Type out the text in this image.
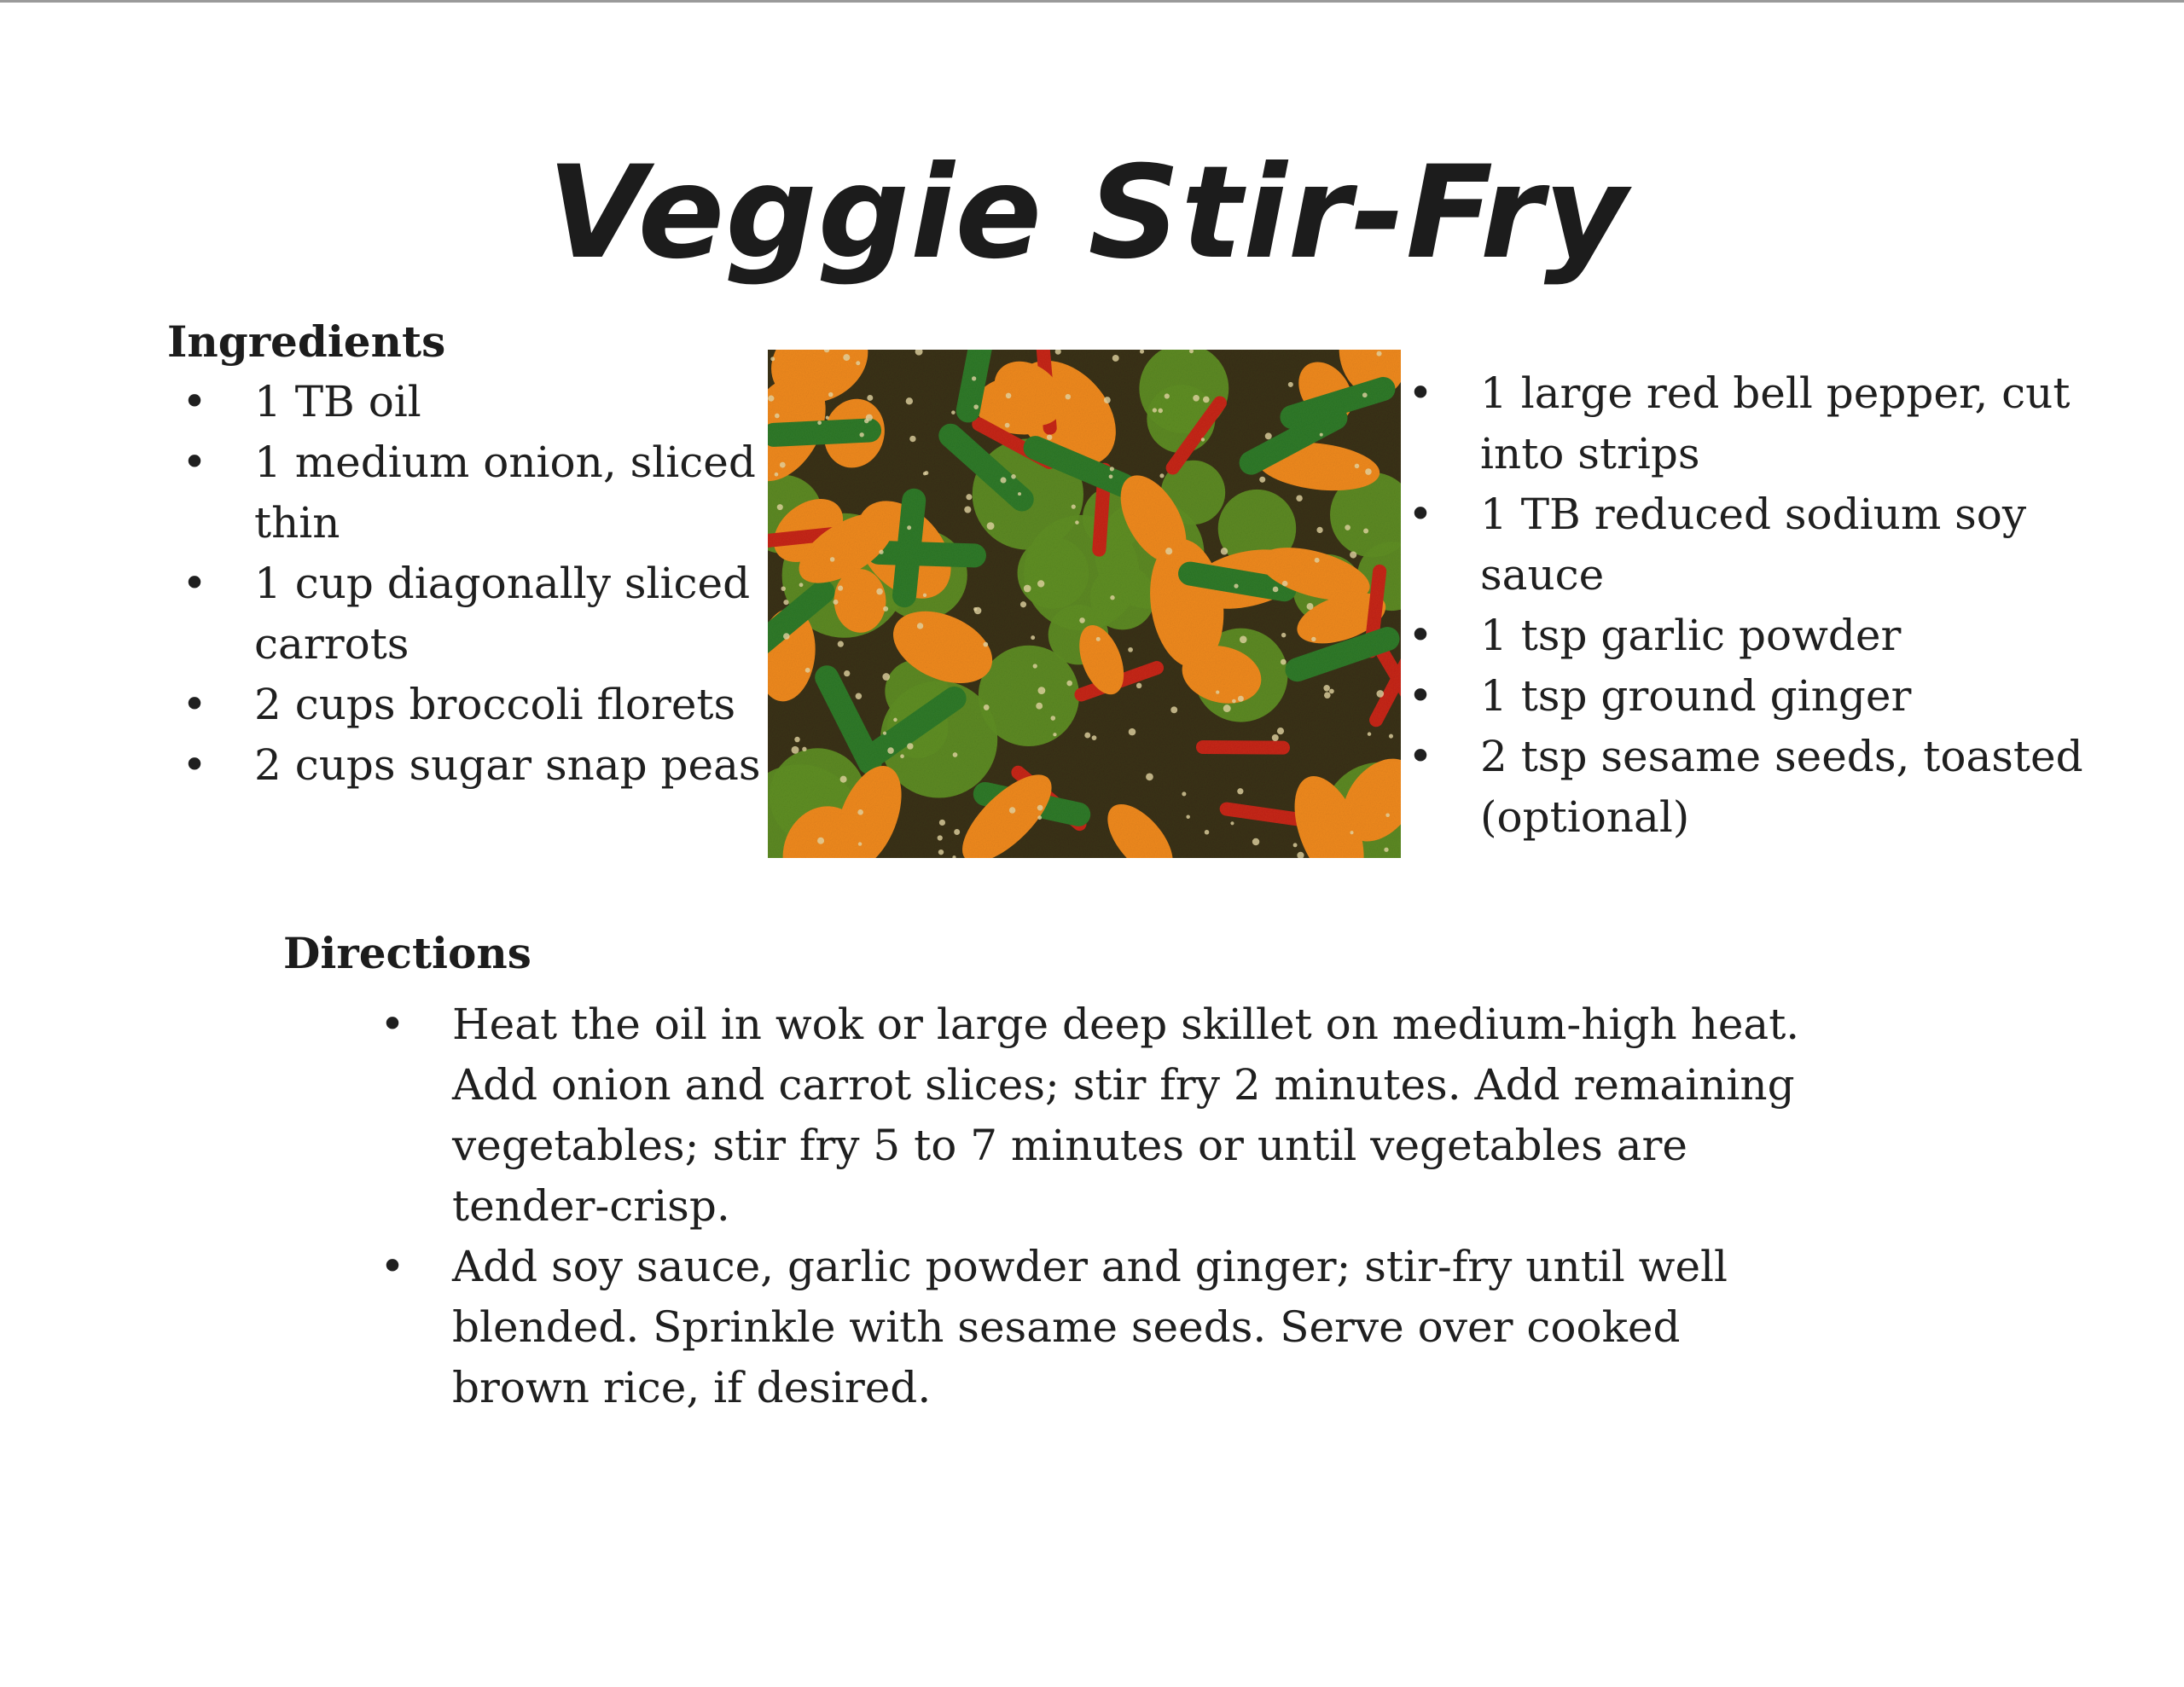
Veggie Stir-Fry
Ingredients
• 1 TB oil
• 1 medium onion, sliced thin
• 1 cup diagonally sliced carrots
• 2 cups broccoli florets
• 2 cups sugar snap peas
• 1 large red bell pepper, cut into strips
• 1 TB reduced sodium soy sauce
• 1 tsp garlic powder
• 1 tsp ground ginger
• 2 tsp sesame seeds, toasted (optional)
Directions
• Heat the oil in wok or large deep skillet on medium-high heat. Add onion and carrot slices; stir fry 2 minutes. Add remaining vegetables; stir fry 5 to 7 minutes or until vegetables are tender-crisp.
• Add soy sauce, garlic powder and ginger; stir-fry until well blended. Sprinkle with sesame seeds. Serve over cooked brown rice, if desired.
